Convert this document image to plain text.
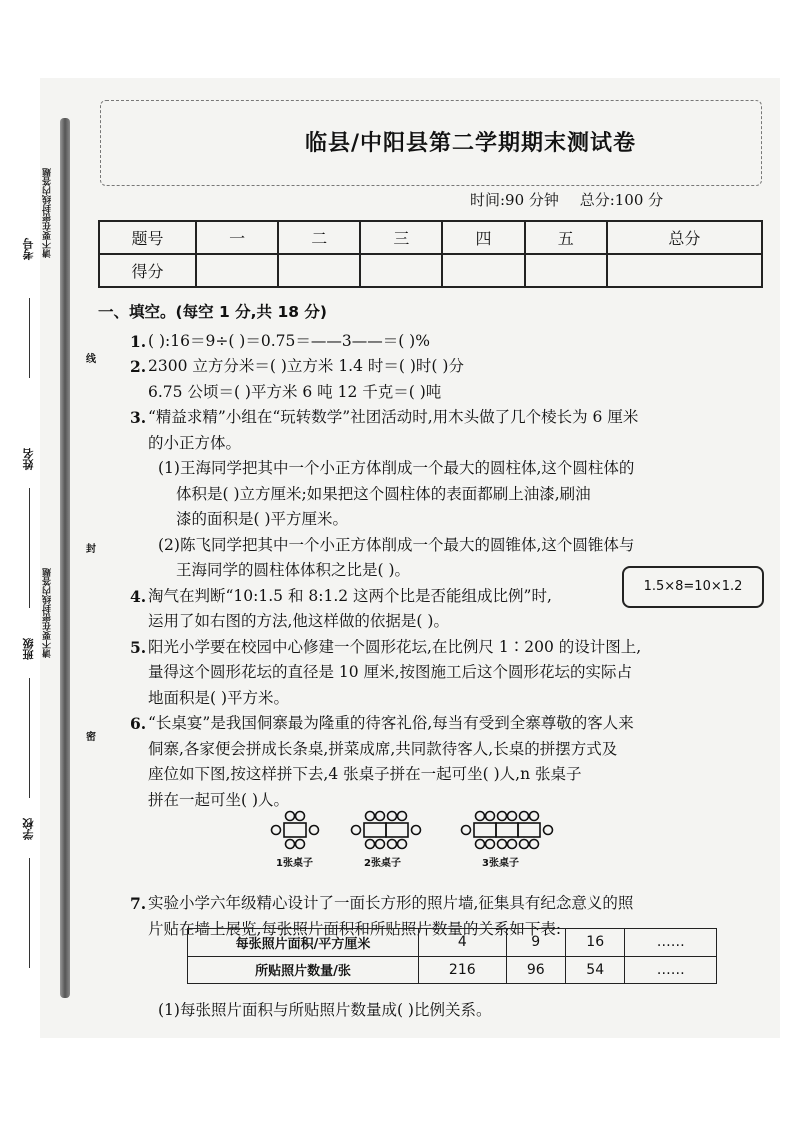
考号
姓名
班级
学校
请不要在密封线内答题
请不要在密封线内答题
线
封
密
临县/中阳县第二学期期末测试卷
时间:90 分钟 总分:100 分
题号	一	二	三	四	五	总分
得分						

一、填空。(每空 1 分,共 18 分)

1. ( ):16＝9÷( )＝0.75＝——3——＝( )%

2. 2300 立方分米＝( )立方米 1.4 时＝( )时( )分

6.75 公顷＝( )平方米 6 吨 12 千克＝( )吨

3. “精益求精”小组在“玩转数学”社团活动时,用木头做了几个棱长为 6 厘米

的小正方体。

(1)王海同学把其中一个小正方体削成一个最大的圆柱体,这个圆柱体的

体积是( )立方厘米;如果把这个圆柱体的表面都刷上油漆,刷油

漆的面积是( )平方厘米。

(2)陈飞同学把其中一个小正方体削成一个最大的圆锥体,这个圆锥体与

王海同学的圆柱体体积之比是( )。

4. 淘气在判断“10:1.5 和 8:1.2 这两个比是否能组成比例”时,

运用了如右图的方法,他这样做的依据是( )。

5. 阳光小学要在校园中心修建一个圆形花坛,在比例尺 1∶200 的设计图上,

量得这个圆形花坛的直径是 10 厘米,按图施工后这个圆形花坛的实际占

地面积是( )平方米。

6. “长桌宴”是我国侗寨最为隆重的待客礼俗,每当有受到全寨尊敬的客人来

侗寨,各家便会拼成长条桌,拼菜成席,共同款待客人,长桌的拼摆方式及

座位如下图,按这样拼下去,4 张桌子拼在一起可坐( )人,n 张桌子

拼在一起可坐( )人。

7. 实验小学六年级精心设计了一面长方形的照片墙,征集具有纪念意义的照

片贴在墙上展览,每张照片面积和所贴照片数量的关系如下表:

(1)每张照片面积与所贴照片数量成( )比例关系。

1.5×8=10×1.2
1张桌子	2张桌子	3张桌子
每张照片面积/平方厘米	4	9	16	……
所贴照片数量/张	216	96	54	……
